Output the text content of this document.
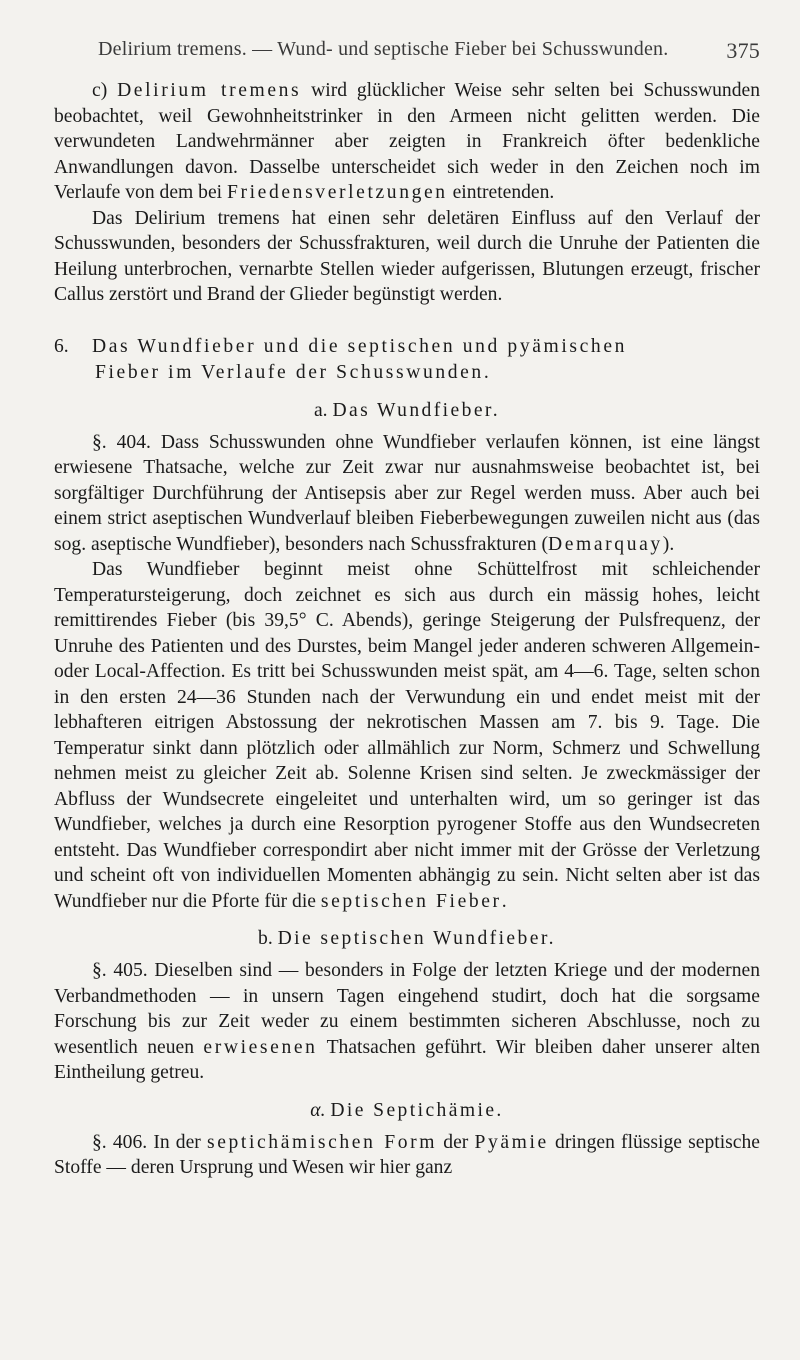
Delirium tremens. — Wund- und septische Fieber bei Schusswunden.	375

c) Delirium tremens wird glücklicher Weise sehr selten bei Schusswunden beobachtet, weil Gewohnheitstrinker in den Armeen nicht gelitten werden. Die verwundeten Landwehrmänner aber zeigten in Frankreich öfter bedenkliche Anwandlungen davon. Dasselbe unterscheidet sich weder in den Zeichen noch im Verlaufe von dem bei Friedensverletzungen eintretenden.

Das Delirium tremens hat einen sehr deletären Einfluss auf den Verlauf der Schusswunden, besonders der Schussfrakturen, weil durch die Unruhe der Patienten die Heilung unterbrochen, vernarbte Stellen wieder aufgerissen, Blutungen erzeugt, frischer Callus zerstört und Brand der Glieder begünstigt werden.

6. Das Wundfieber und die septischen und pyämischen
Fieber im Verlaufe der Schusswunden.
a. Das Wundfieber.

§. 404. Dass Schusswunden ohne Wundfieber verlaufen können, ist eine längst erwiesene Thatsache, welche zur Zeit zwar nur ausnahmsweise beobachtet ist, bei sorgfältiger Durchführung der Antisepsis aber zur Regel werden muss. Aber auch bei einem strict aseptischen Wundverlauf bleiben Fieberbewegungen zuweilen nicht aus (das sog. aseptische Wundfieber), besonders nach Schussfrakturen (Demarquay).

Das Wundfieber beginnt meist ohne Schüttelfrost mit schleichender Temperatursteigerung, doch zeichnet es sich aus durch ein mässig hohes, leicht remittirendes Fieber (bis 39,5° C. Abends), geringe Steigerung der Pulsfrequenz, der Unruhe des Patienten und des Durstes, beim Mangel jeder anderen schweren Allgemein- oder Local-Affection. Es tritt bei Schusswunden meist spät, am 4—6. Tage, selten schon in den ersten 24—36 Stunden nach der Verwundung ein und endet meist mit der lebhafteren eitrigen Abstossung der nekrotischen Massen am 7. bis 9. Tage. Die Temperatur sinkt dann plötzlich oder allmählich zur Norm, Schmerz und Schwellung nehmen meist zu gleicher Zeit ab. Solenne Krisen sind selten. Je zweckmässiger der Abfluss der Wundsecrete eingeleitet und unterhalten wird, um so geringer ist das Wundfieber, welches ja durch eine Resorption pyrogener Stoffe aus den Wundsecreten entsteht. Das Wundfieber correspondirt aber nicht immer mit der Grösse der Verletzung und scheint oft von individuellen Momenten abhängig zu sein. Nicht selten aber ist das Wundfieber nur die Pforte für die septischen Fieber.

b. Die septischen Wundfieber.

§. 405. Dieselben sind — besonders in Folge der letzten Kriege und der modernen Verbandmethoden — in unsern Tagen eingehend studirt, doch hat die sorgsame Forschung bis zur Zeit weder zu einem bestimmten sicheren Abschlusse, noch zu wesentlich neuen erwiesenen Thatsachen geführt. Wir bleiben daher unserer alten Eintheilung getreu.

α. Die Septichämie.

§. 406. In der septichämischen Form der Pyämie dringen flüssige septische Stoffe — deren Ursprung und Wesen wir hier ganz
